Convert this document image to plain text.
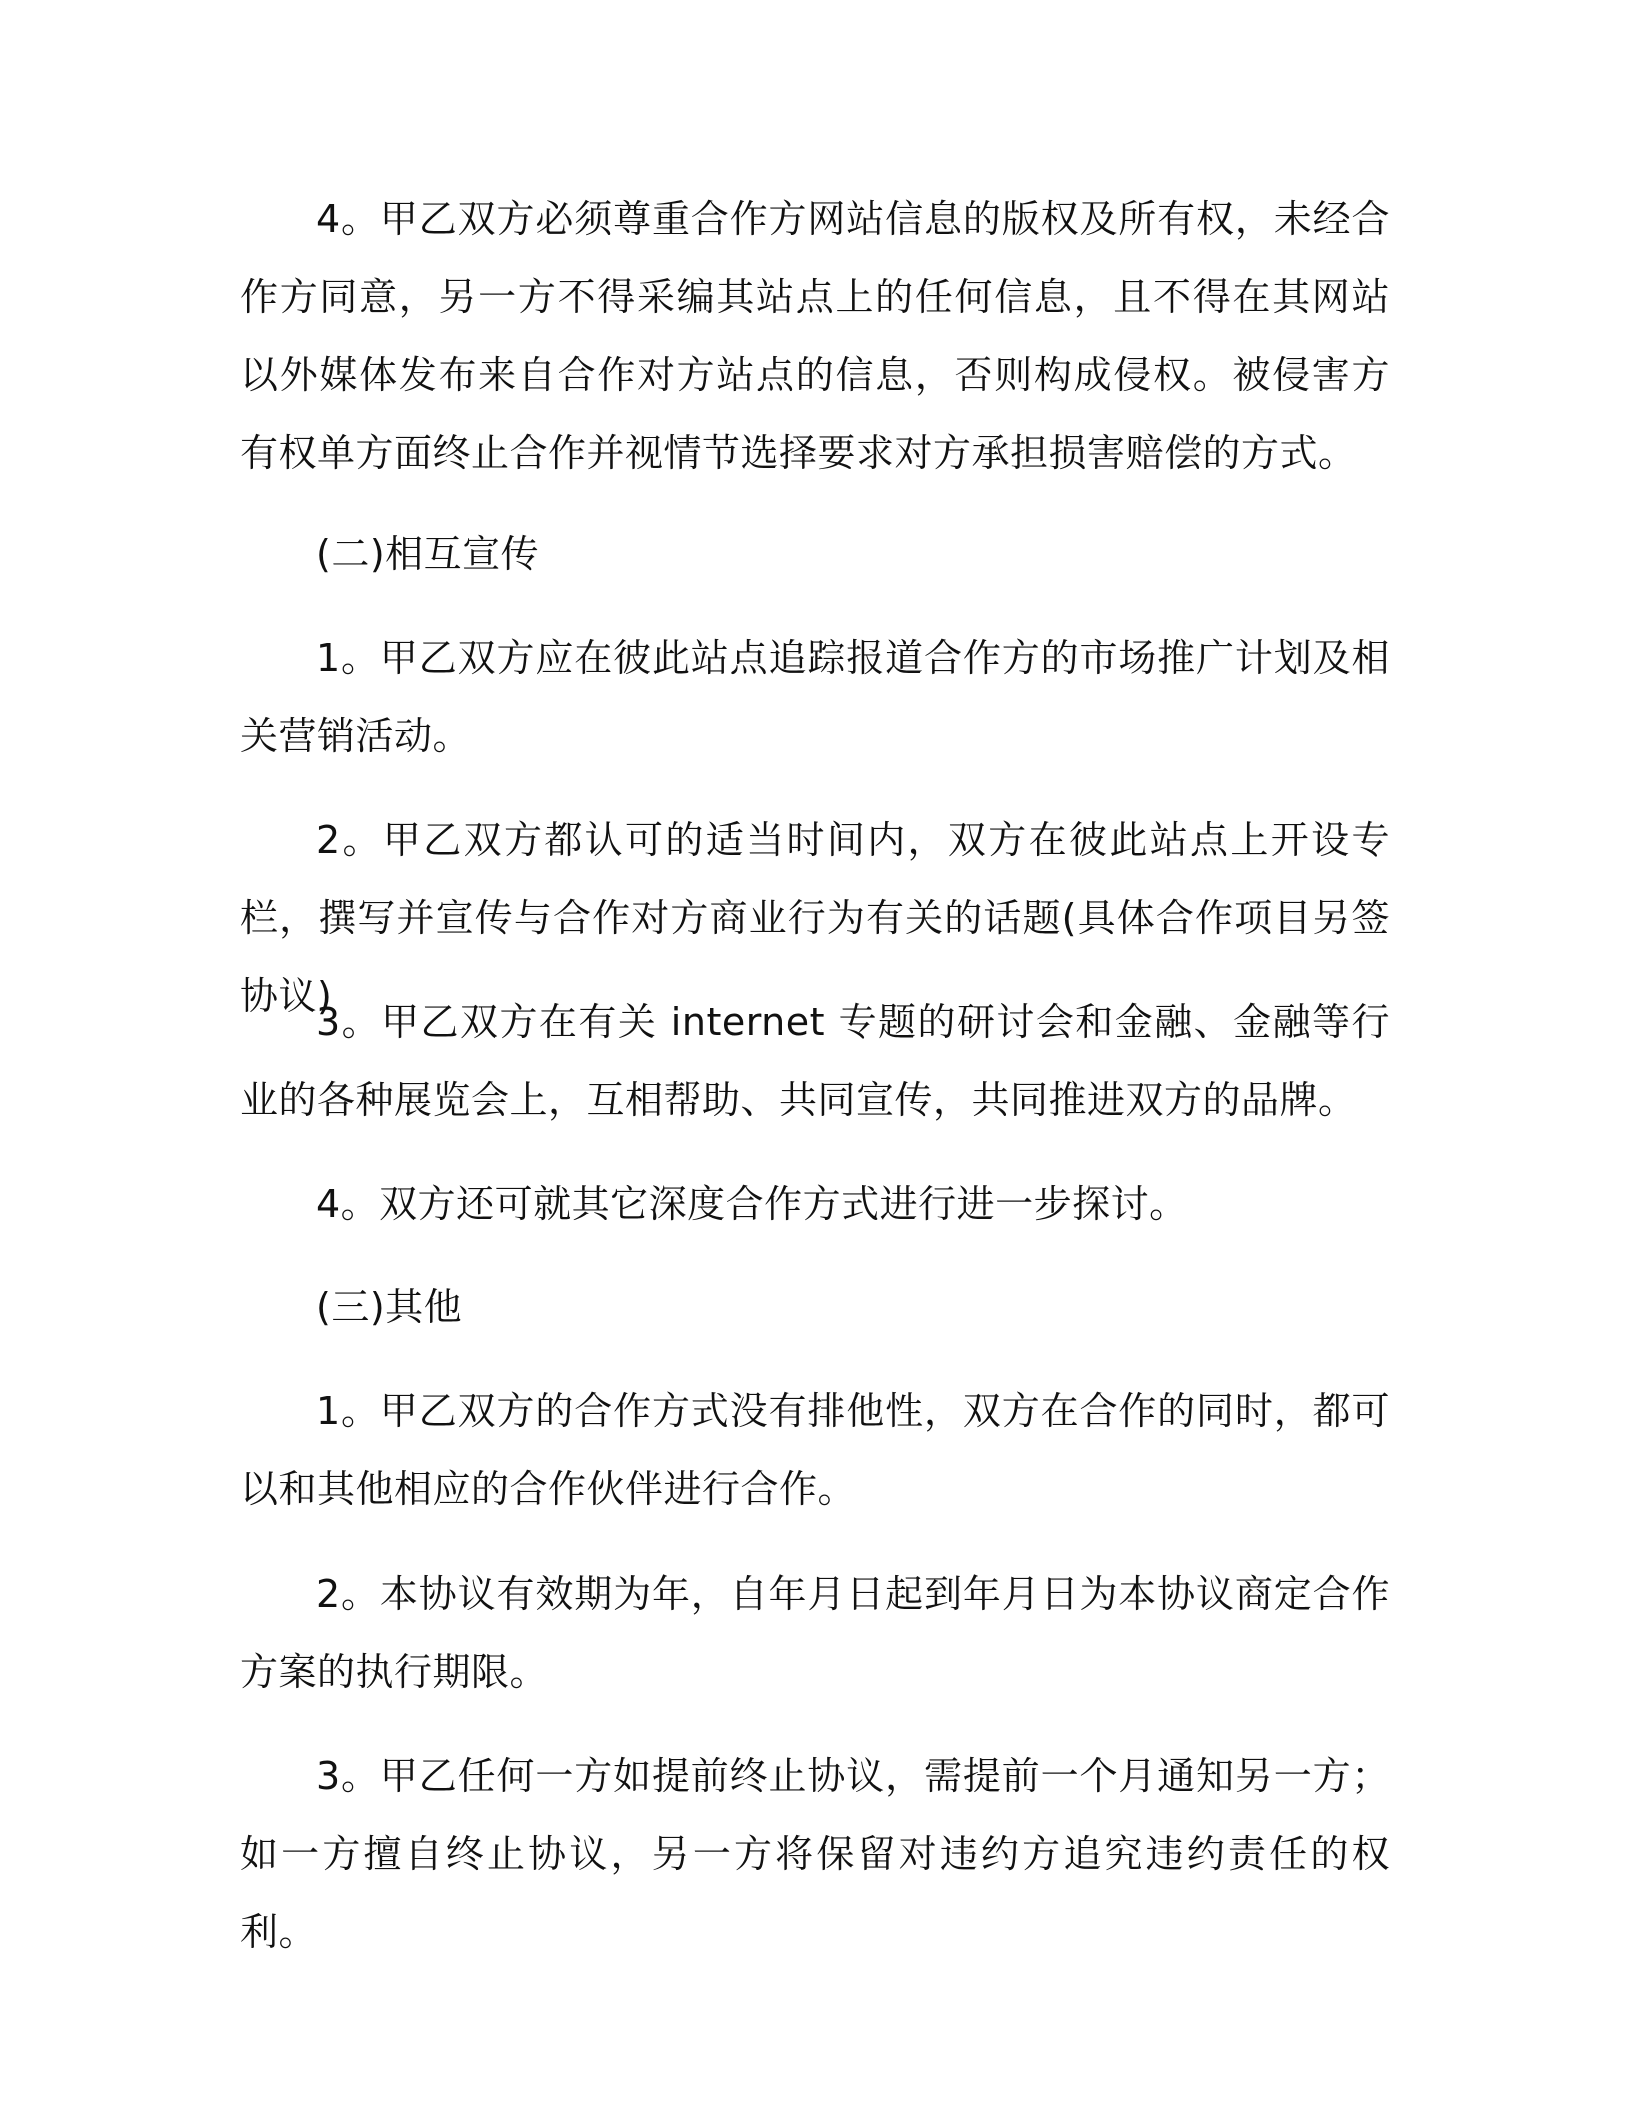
4。甲乙双方必须尊重合作方网站信息的版权及所有权，未经合作方同意，另一方不得采编其站点上的任何信息，且不得在其网站以外媒体发布来自合作对方站点的信息，否则构成侵权。被侵害方有权单方面终止合作并视情节选择要求对方承担损害赔偿的方式。

(二)相互宣传

1。甲乙双方应在彼此站点追踪报道合作方的市场推广计划及相关营销活动。

2。甲乙双方都认可的适当时间内，双方在彼此站点上开设专栏，撰写并宣传与合作对方商业行为有关的话题(具体合作项目另签协议)

3。甲乙双方在有关 internet 专题的研讨会和金融、金融等行业的各种展览会上，互相帮助、共同宣传，共同推进双方的品牌。

4。双方还可就其它深度合作方式进行进一步探讨。

(三)其他

1。甲乙双方的合作方式没有排他性，双方在合作的同时，都可以和其他相应的合作伙伴进行合作。

2。本协议有效期为年，自年月日起到年月日为本协议商定合作方案的执行期限。

3。甲乙任何一方如提前终止协议，需提前一个月通知另一方；如一方擅自终止协议，另一方将保留对违约方追究违约责任的权利。
